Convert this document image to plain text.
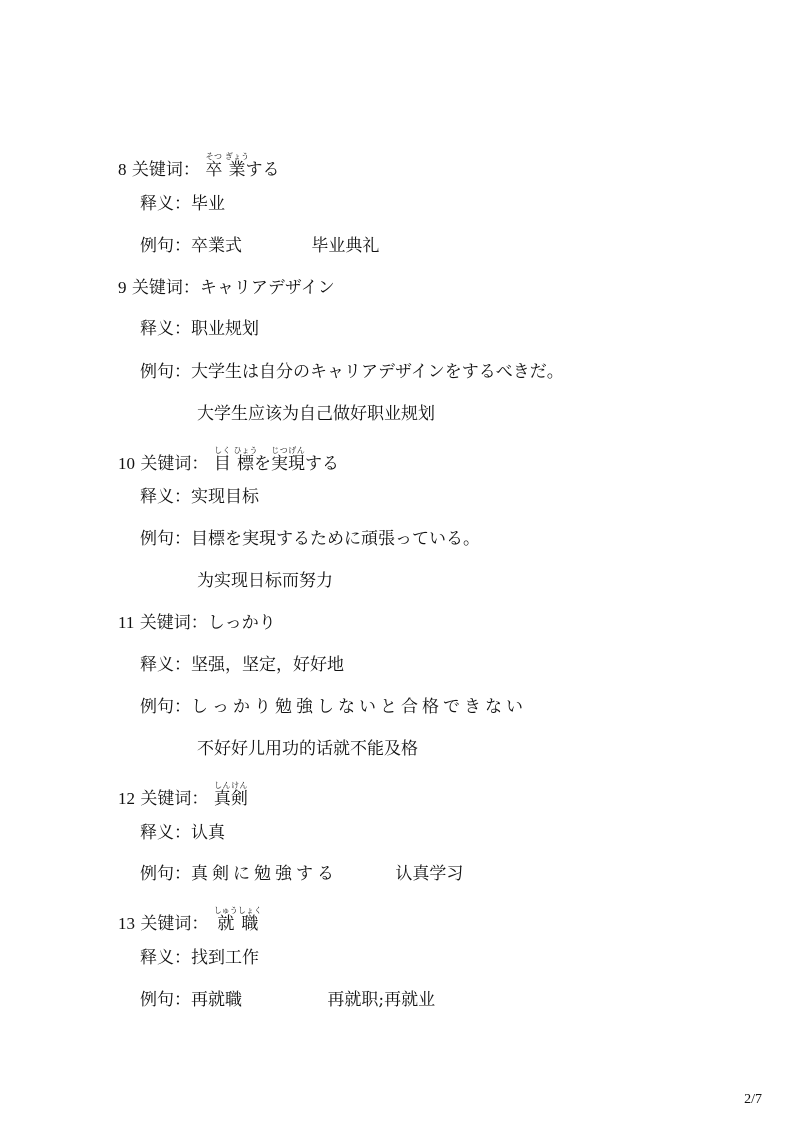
8 关键词： 卒そつ 業ぎょうする
释义：毕业
例句：卒業式	毕业典礼
9 关键词：キャリアデザイン
释义：职业规划
例句：大学生は自分のキャリアデザインをするべきだ。
大学生应该为自己做好职业规划
10 关键词： 目しく 標ひょうを実じつ現げんする
释义：实现目标
例句：目標を実現するために頑張っている。
为实现日标而努力
11 关键词：しっかり
释义：坚强，坚定，好好地
例句：しっかり勉強しないと合格できない
不好好儿用功的话就不能及格
12 关键词： 真しん剣けん
释义：认真
例句：真剣に勉強する	认真学习
13 关键词： 就しゅう 職しょく
释义：找到工作
例句：再就職	再就职;再就业
2/7
